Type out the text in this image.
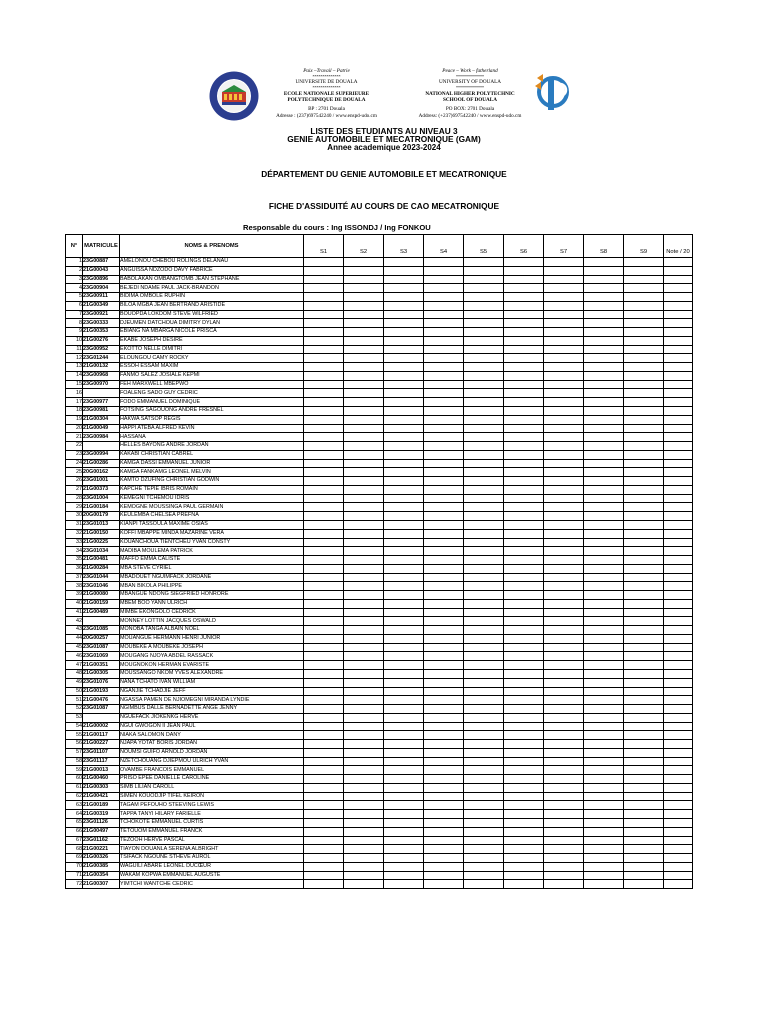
Paix –Travail – Patrie
**************
UNIVERSITE DE DOUALA
**************
ECOLE NATIONALE SUPERIEURE
POLYTECHNIQUE DE DOUALA
BP : 2701 Douala
Adresse : (237)697542240 / www.enspd-udo.cm
Peace – Work – fatherland
**************
UNIVERSITY OF DOUALA
**************
NATIONAL HIGHER POLYTECHNIC
SCHOOL OF DOUALA
PO BOX: 2701 Douala
Address: (+237)697542240 / www.enspd-udo.cm
LISTE DES ETUDIANTS AU NIVEAU 3
GENIE AUTOMOBILE ET MECATRONIQUE (GAM)
Annee academique 2023-2024
DÉPARTEMENT DU GENIE AUTOMOBILE ET MECATRONIQUE
FICHE D'ASSIDUITÉ AU COURS DE CAO MECATRONIQUE
Responsable du cours : Ing ISSONDJ / Ing FONKOU
N°	MATRICULE	NOMS & PRENOMS	S1	S2	S3	S4	S5	S6	S7	S8	S9	Note / 20
1	23G00887	AMELONOU CHEBOU ROLINGS DELANAU										
2	21G00043	ANGUISSA NDZODO DAVY FABRICE										
3	23G00896	BABOLAKAN OMBANGTOMB JEAN STEPHANE										
4	23G00904	BEJEDI NDAME PAUL JACK-BRANDON										
5	23G00911	BIDIMA OMBOLE RUPHIN										
6	21G00349	BILOA MGBA JEAN BERTRAND ARISTIDE										
7	23G00921	BOUOPDA LOKDOM STEVE WILFRIED										
8	23G00333	DJEUMEN DATCHOUA DIMITRY DYLAN										
9	21G00353	EBIANG NA MBARGA NICOLE PRISCA										
10	21G00276	EKABE JOSEPH DESIRE										
11	23G00952	EKOTTO NELLE DIMITRI										
12	23G01244	ELOUNGOU CAMY ROCKY										
13	21G00132	ESSOH ESSAM MAXIM										
14	23G00968	FANMO SALEZ JOSIALE KEPMI										
15	23G00970	FEH MARXWELL MBEPWO										
16		FOALENG SADO GUY CEDRIC										
17	23G00977	FODO EMMANUEL DOMINIQUE										
18	23G00981	FOTSING SAGOUONG ANDRE FRESNEL										
19	21G00304	HAKWA SATSOP REGIS										
20	21G00049	HAPPI ATEBA ALFRED KEVIN										
21	23G00984	HASSANA										
22		HELLES BAYONG ANDRE JORDAN										
23	23G00994	KAKABI CHRISTIAN CABREL										
24	21G00286	KAMGA DASSI EMMANUEL JUNIOR										
25	20G00162	KAMGA FANKAMG LEONEL MELVIN										
26	23G01001	KAMTO DZUFING CHRISTIAN GODWIN										
27	21G00373	KAPCHE TEPIE IBRIS ROMAIN										
28	23G01004	KEMEGNI TCHEMOU IDRIS										
29	21G00184	KEMOGNE MOUSSINGA PAUL GERMAIN										
30	20G00179	KEULEMBA CHELSEA PREFNA										
31	23G01013	KIANPI TASSOULA MAXIME OSIAS										
32	21G00150	KOFFI MBAPPE MINDA MAZARINE VERA										
33	21G00225	KOUANCHOUA TIENTCHEU YVAN CONSTY										
34	23G01034	MADIBA MOULEMA PATRICK										
35	21G00481	MAFFO EMMA CALISTE										
36	21G00284	MBA STEVE CYRIEL										
37	23G01044	MBADOUET NGUIMFACK JORDANE										
38	23G01046	MBAN BIKOLA PHILIPPE										
39	21G00080	MBANGUE NDONG SIEGFRIED HONRORE										
40	21G00159	MBEM BOO YANN ULRICH										
41	21G00489	MIMBE EKONGOLO CEDRICK										
42		MONNEY LOTTIN JACQUES OSWALD										
43	23G01085	MONOBA TANGA ALBAIN NOEL										
44	20G00257	MOUANGUE HERMANN HENRI JUNIOR										
45	23G01087	MOUBEKE A MOUBEKE JOSEPH										
46	23G01069	MOUGANG NJOYA ABDEL RASSACK										
47	21G00351	MOUGNOKON HERMAN EVARISTE										
48	21G00305	MOUSSANGO NKOM YVES ALEXANDRE										
49	23G01076	NANA TCHATO IVAN WILLIAM										
50	21G00193	NGANJIE TCHADJIE JEFF										
51	21G00476	NGASSA PAMEN DE NJIOMEGNI MIRANDA LYNDIE										
52	23G01087	NGIMBUS DALLE BERNADETTE ANGE JENNY										
53		NGUEFACK JIOKENKG HERVE										
54	21G00002	NGUI GWOGON II JEAN PAUL										
55	21G00117	NIAKA SALOMON DANY										
56	21G00227	NJAPA YOTAT BORIS JORDAN										
57	23G01107	NOUMSI GUIFO ARNOLD JORDAN										
58	23G01117	NZETCHOUANG DJIEPMOU ULRICH YVAN										
59	21G00013	OVAMBE FRANCOIS EMMANUEL										
60	21G00460	PRISO EPEE DANIELLE CAROLINE										
61	21G00303	SIMB LILIAN CAROLL										
62	21G00421	SIMEN KOUODJIP TIFEL KEIRON										
63	21G00189	TAGAM PEFOUHO STEEVING LEWIS										
64	21G00319	TAPPA TANYI HILARY FARIELLE										
65	23G01126	TCHOKOTE EMMANUEL CURTIS										
66	21G00497	TETOUOM EMMANUEL FRANCK										
67	23G01162	TEZOOH HERVE PASCAL										
68	21G00221	TIAYON DOUANLA SERENA ALBRIGHT										
69	21G00326	TSIFACK NGOUNE STHEVE AUROL										
70	21G00385	WAGUILI ABARE LEONEL DUCŒUR										
71	21G00354	WAKAM KOPWA EMMANUEL AUGUSTE										
72	21G00307	YIMTCHI WANTCHE CEDRIC										
